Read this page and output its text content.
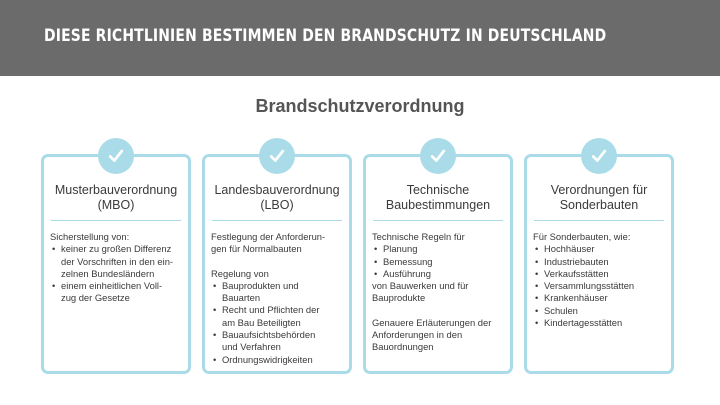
DIESE RICHTLINIEN BESTIMMEN DEN BRANDSCHUTZ IN DEUTSCHLAND
Brandschutzverordnung
Musterbauverordnung
(MBO)

Sicherstellung von:

• keiner zu großen Differenz
der Vorschriften in den ein-
zelnen Bundesländern
• einem einheitlichen Voll-
zug der Gesetze
Landesbauverordnung
(LBO)

Festlegung der Anforderun-
gen für Normalbauten

Regelung von

• Bauprodukten und
Bauarten
• Recht und Pflichten der
am Bau Beteiligten
• Bauaufsichtsbehörden
und Verfahren
• Ordnungswidrigkeiten
Technische
Baubestimmungen

Technische Regeln für

• Planung
• Bemessung
• Ausführung

von Bauwerken und für
Bauprodukte

Genauere Erläuterungen der
Anforderungen in den
Bauordnungen

Verordnungen für
Sonderbauten

Für Sonderbauten, wie:

• Hochhäuser
• Industriebauten
• Verkaufsstätten
• Versammlungsstätten
• Krankenhäuser
• Schulen
• Kindertagesstätten
